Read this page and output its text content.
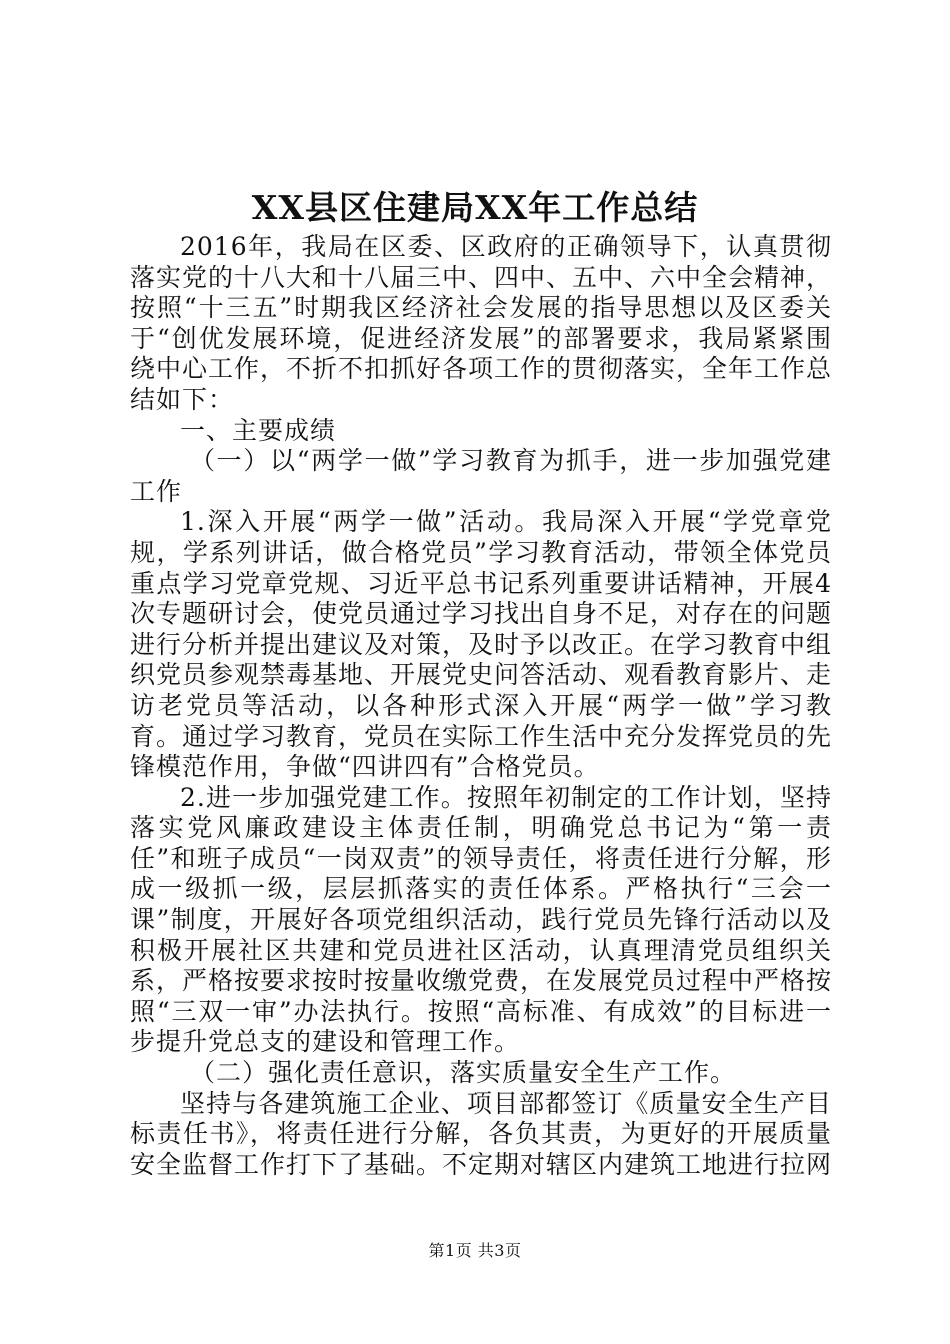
XX县区住建局XX年工作总结

2016年，我局在区委、区政府的正确领导下，认真贯彻落实党的十八大和十八届三中、四中、五中、六中全会精神，按照“十三五”时期我区经济社会发展的指导思想以及区委关于“创优发展环境，促进经济发展”的部署要求，我局紧紧围绕中心工作，不折不扣抓好各项工作的贯彻落实，全年工作总结如下：

一、主要成绩

（一）以“两学一做”学习教育为抓手，进一步加强党建工作

1.深入开展“两学一做”活动。我局深入开展“学党章党规，学系列讲话，做合格党员”学习教育活动，带领全体党员重点学习党章党规、习近平总书记系列重要讲话精神，开展4次专题研讨会，使党员通过学习找出自身不足，对存在的问题进行分析并提出建议及对策，及时予以改正。在学习教育中组织党员参观禁毒基地、开展党史问答活动、观看教育影片、走访老党员等活动，以各种形式深入开展“两学一做”学习教育。通过学习教育，党员在实际工作生活中充分发挥党员的先锋模范作用，争做“四讲四有”合格党员。

2.进一步加强党建工作。按照年初制定的工作计划，坚持落实党风廉政建设主体责任制，明确党总书记为“第一责任”和班子成员“一岗双责”的领导责任，将责任进行分解，形成一级抓一级，层层抓落实的责任体系。严格执行“三会一课”制度，开展好各项党组织活动，践行党员先锋行活动以及积极开展社区共建和党员进社区活动，认真理清党员组织关系，严格按要求按时按量收缴党费，在发展党员过程中严格按照“三双一审”办法执行。按照“高标准、有成效”的目标进一步提升党总支的建设和管理工作。

（二）强化责任意识，落实质量安全生产工作。

坚持与各建筑施工企业、项目部都签订《质量安全生产目标责任书》，将责任进行分解，各负其责，为更好的开展质量安全监督工作打下了基础。不定期对辖区内建筑工地进行拉网

第1页 共3页
